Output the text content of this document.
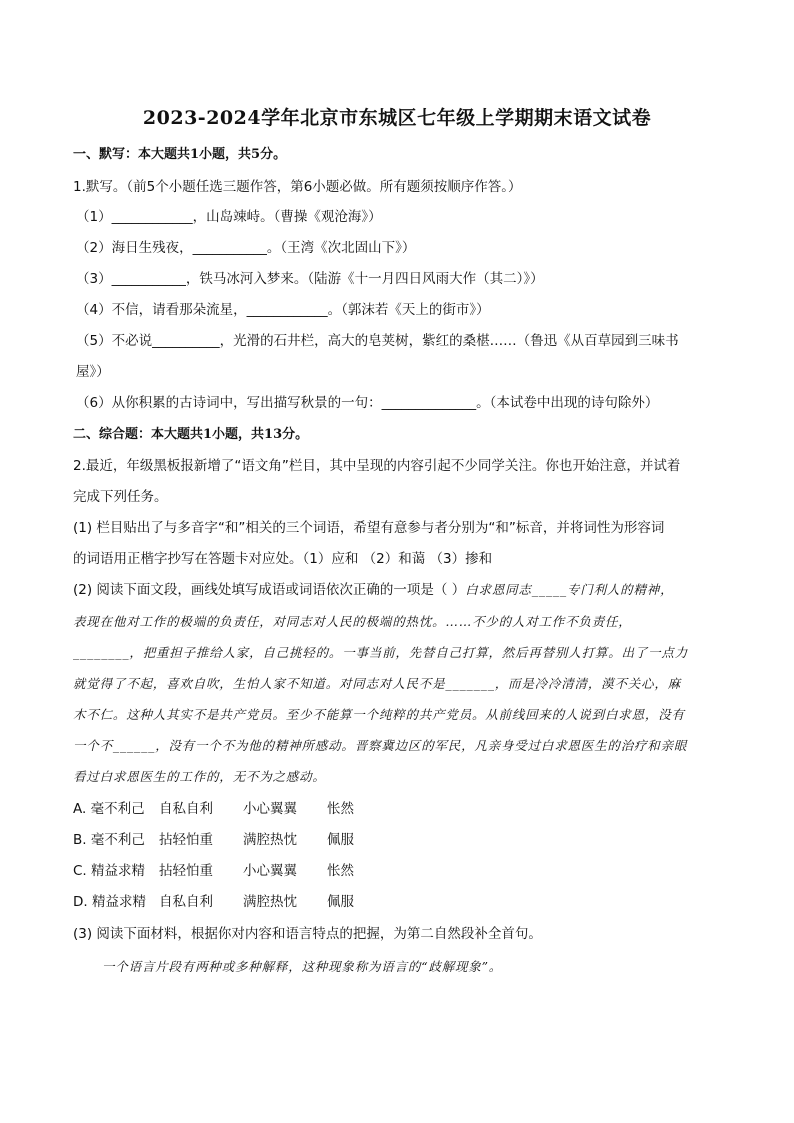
2023-2024学年北京市东城区七年级上学期期末语文试卷
一、默写：本大题共1小题，共5分。
1.默写。（前5个小题任选三题作答，第6小题必做。所有题须按顺序作答。）
（1）____________，山岛竦峙。（曹操《观沧海》）
（2）海日生残夜，___________。（王湾《次北固山下》）
（3）___________，铁马冰河入梦来。（陆游《十一月四日风雨大作（其二）》）
（4）不信，请看那朵流星，____________。（郭沫若《天上的街市》）
（5）不必说__________，光滑的石井栏，高大的皂荚树，紫红的桑椹……（鲁迅《从百草园到三味书
屋》）
（6）从你积累的古诗词中，写出描写秋景的一句：______________。（本试卷中出现的诗句除外）
二、综合题：本大题共1小题，共13分。
2.最近，年级黑板报新增了“语文角”栏目，其中呈现的内容引起不少同学关注。你也开始注意，并试着
完成下列任务。
(1) 栏目贴出了与多音字“和”相关的三个词语，希望有意参与者分别为“和”标音，并将词性为形容词
的词语用正楷字抄写在答题卡对应处。（1）应和 （2）和蔼 （3）掺和
(2) 阅读下面文段，画线处填写成语或词语依次正确的一项是（ ）白求恩同志_____专门利人的精神，
表现在他对工作的极端的负责任，对同志对人民的极端的热忱。……不少的人对工作不负责任，
________，把重担子推给人家，自己挑轻的。一事当前，先替自己打算，然后再替别人打算。出了一点力
就觉得了不起，喜欢自吹，生怕人家不知道。对同志对人民不是_______，而是冷冷清清，漠不关心，麻
木不仁。这种人其实不是共产党员。至少不能算一个纯粹的共产党员。从前线回来的人说到白求恩，没有
一个不______，没有一个不为他的精神所感动。晋察冀边区的军民，凡亲身受过白求恩医生的治疗和亲眼
看过白求恩医生的工作的，无不为之感动。
A. 毫不利己 自私自利 小心翼翼 怅然
B. 毫不利己 拈轻怕重 满腔热忱 佩服
C. 精益求精 拈轻怕重 小心翼翼 怅然
D. 精益求精 自私自利 满腔热忱 佩服
(3) 阅读下面材料，根据你对内容和语言特点的把握，为第二自然段补全首句。
一个语言片段有两种或多种解释，这种现象称为语言的“歧解现象”。
